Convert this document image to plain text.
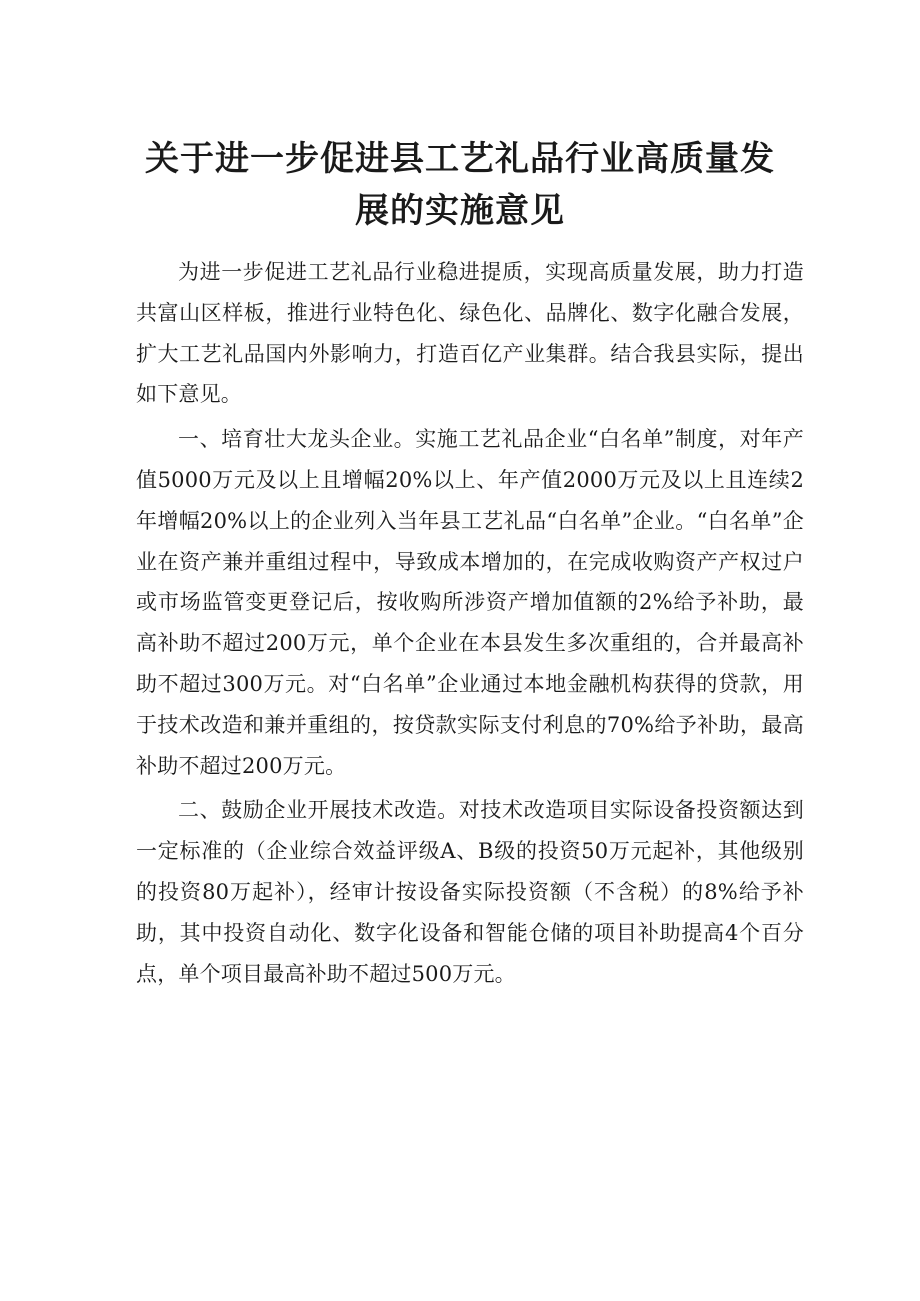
关于进一步促进县工艺礼品行业高质量发
展的实施意见

为进一步促进工艺礼品行业稳进提质，实现高质量发展，助力打造共富山区样板，推进行业特色化、绿色化、品牌化、数字化融合发展，扩大工艺礼品国内外影响力，打造百亿产业集群。结合我县实际，提出如下意见。

一、培育壮大龙头企业。实施工艺礼品企业“白名单”制度，对年产值5000万元及以上且增幅20%以上、年产值2000万元及以上且连续2年增幅20%以上的企业列入当年县工艺礼品“白名单”企业。“白名单”企业在资产兼并重组过程中，导致成本增加的，在完成收购资产产权过户或市场监管变更登记后，按收购所涉资产增加值额的2%给予补助，最高补助不超过200万元，单个企业在本县发生多次重组的，合并最高补助不超过300万元。对“白名单”企业通过本地金融机构获得的贷款，用于技术改造和兼并重组的，按贷款实际支付利息的70%给予补助，最高补助不超过200万元。

二、鼓励企业开展技术改造。对技术改造项目实际设备投资额达到一定标准的（企业综合效益评级A、B级的投资50万元起补，其他级别的投资80万起补），经审计按设备实际投资额（不含税）的8%给予补助，其中投资自动化、数字化设备和智能仓储的项目补助提高4个百分点，单个项目最高补助不超过500万元。
